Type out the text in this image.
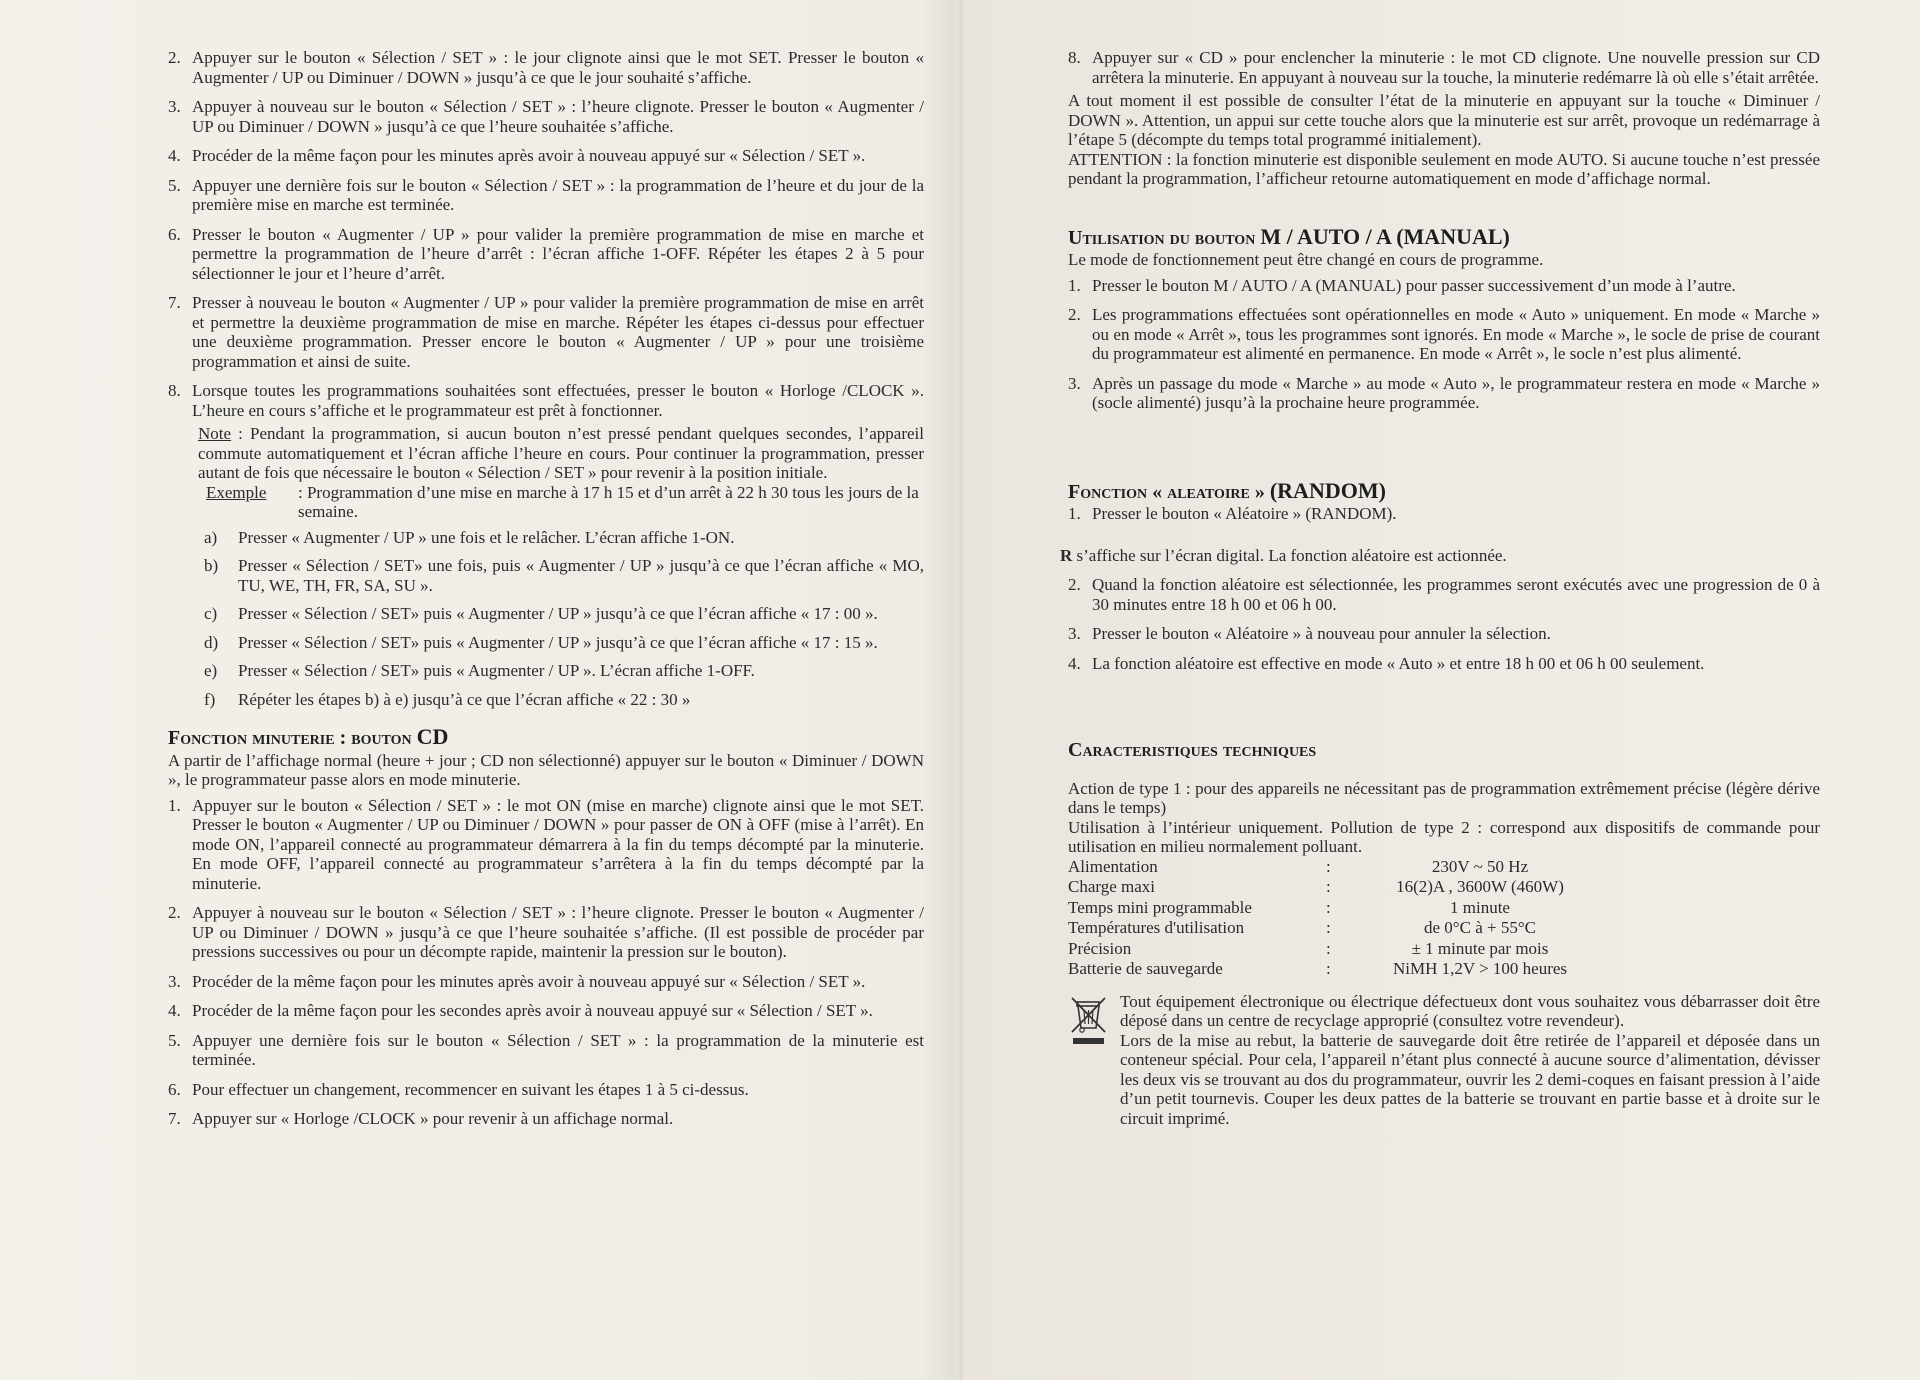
2. Appuyer sur le bouton « Sélection / SET » : le jour clignote ainsi que le mot SET. Presser le bouton « Augmenter / UP ou Diminuer / DOWN » jusqu’à ce que le jour souhaité s’affiche.
3. Appuyer à nouveau sur le bouton « Sélection / SET » : l’heure clignote. Presser le bouton « Augmenter / UP ou Diminuer / DOWN » jusqu’à ce que l’heure souhaitée s’affiche.
4. Procéder de la même façon pour les minutes après avoir à nouveau appuyé sur « Sélection / SET ».
5. Appuyer une dernière fois sur le bouton « Sélection / SET » : la programmation de l’heure et du jour de la première mise en marche est terminée.
6. Presser le bouton « Augmenter / UP » pour valider la première programmation de mise en marche et permettre la programmation de l’heure d’arrêt : l’écran affiche 1-OFF. Répéter les étapes 2 à 5 pour sélectionner le jour et l’heure d’arrêt.
7. Presser à nouveau le bouton « Augmenter / UP » pour valider la première programmation de mise en arrêt et permettre la deuxième programmation de mise en marche. Répéter les étapes ci-dessus pour effectuer une deuxième programmation. Presser encore le bouton « Augmenter / UP » pour une troisième programmation et ainsi de suite.
8. Lorsque toutes les programmations souhaitées sont effectuées, presser le bouton « Horloge /CLOCK ». L’heure en cours s’affiche et le programmateur est prêt à fonctionner.
Note : Pendant la programmation, si aucun bouton n’est pressé pendant quelques secondes, l’appareil commute automatiquement et l’écran affiche l’heure en cours. Pour continuer la programmation, presser autant de fois que nécessaire le bouton « Sélection / SET » pour revenir à la position initiale.
Exemple	: Programmation d’une mise en marche à 17 h 15 et d’un arrêt à 22 h 30 tous les jours de la semaine.
a)	Presser « Augmenter / UP » une fois et le relâcher. L’écran affiche 1-ON.
b)	Presser « Sélection / SET» une fois, puis « Augmenter / UP » jusqu’à ce que l’écran affiche « MO, TU, WE, TH, FR, SA, SU ».
c)	Presser « Sélection / SET» puis « Augmenter / UP » jusqu’à ce que l’écran affiche « 17 : 00 ».
d)	Presser « Sélection / SET» puis « Augmenter / UP » jusqu’à ce que l’écran affiche « 17 : 15 ».
e)	Presser « Sélection / SET» puis « Augmenter / UP ». L’écran affiche 1-OFF.
f)	Répéter les étapes b) à e) jusqu’à ce que l’écran affiche « 22 : 30 »
Fonction minuterie : bouton CD
A partir de l’affichage normal (heure + jour ; CD non sélectionné) appuyer sur le bouton « Diminuer / DOWN », le programmateur passe alors en mode minuterie.
1. Appuyer sur le bouton « Sélection / SET » : le mot ON (mise en marche) clignote ainsi que le mot SET. Presser le bouton « Augmenter / UP ou Diminuer / DOWN » pour passer de ON à OFF (mise à l’arrêt). En mode ON, l’appareil connecté au programmateur démarrera à la fin du temps décompté par la minuterie. En mode OFF, l’appareil connecté au programmateur s’arrêtera à la fin du temps décompté par la minuterie.
2. Appuyer à nouveau sur le bouton « Sélection / SET » : l’heure clignote. Presser le bouton « Augmenter / UP ou Diminuer / DOWN » jusqu’à ce que l’heure souhaitée s’affiche. (Il est possible de procéder par pressions successives ou pour un décompte rapide, maintenir la pression sur le bouton).
3. Procéder de la même façon pour les minutes après avoir à nouveau appuyé sur « Sélection / SET ».
4. Procéder de la même façon pour les secondes après avoir à nouveau appuyé sur « Sélection / SET ».
5. Appuyer une dernière fois sur le bouton « Sélection / SET » : la programmation de la minuterie est terminée.
6. Pour effectuer un changement, recommencer en suivant les étapes 1 à 5 ci-dessus.
7. Appuyer sur « Horloge /CLOCK » pour revenir à un affichage normal.
8. Appuyer sur « CD » pour enclencher la minuterie : le mot CD clignote. Une nouvelle pression sur CD arrêtera la minuterie. En appuyant à nouveau sur la touche, la minuterie redémarre là où elle s’était arrêtée.
A tout moment il est possible de consulter l’état de la minuterie en appuyant sur la touche « Diminuer / DOWN ». Attention, un appui sur cette touche alors que la minuterie est sur arrêt, provoque un redémarrage à l’étape 5 (décompte du temps total programmé initialement).
ATTENTION : la fonction minuterie est disponible seulement en mode AUTO. Si aucune touche n’est pressée pendant la programmation, l’afficheur retourne automatiquement en mode d’affichage normal.
Utilisation du bouton M / AUTO / A (MANUAL)
Le mode de fonctionnement peut être changé en cours de programme.
1. Presser le bouton M / AUTO / A (MANUAL) pour passer successivement d’un mode à l’autre.
2. Les programmations effectuées sont opérationnelles en mode « Auto » uniquement. En mode « Marche » ou en mode « Arrêt », tous les programmes sont ignorés. En mode « Marche », le socle de prise de courant du programmateur est alimenté en permanence. En mode « Arrêt », le socle n’est plus alimenté.
3. Après un passage du mode « Marche » au mode « Auto », le programmateur restera en mode « Marche » (socle alimenté) jusqu’à la prochaine heure programmée.
Fonction « aleatoire » (RANDOM)
1. Presser le bouton « Aléatoire » (RANDOM).
R s’affiche sur l’écran digital. La fonction aléatoire est actionnée.
2. Quand la fonction aléatoire est sélectionnée, les programmes seront exécutés avec une progression de 0 à 30 minutes entre 18 h 00 et 06 h 00.
3. Presser le bouton « Aléatoire » à nouveau pour annuler la sélection.
4. La fonction aléatoire est effective en mode « Auto » et entre 18 h 00 et 06 h 00 seulement.
Caracteristiques techniques
Action de type 1 : pour des appareils ne nécessitant pas de programmation extrêmement précise (légère dérive dans le temps)
Utilisation à l’intérieur uniquement. Pollution de type 2 : correspond aux dispositifs de commande pour utilisation en milieu normalement polluant.
Alimentation	:	230V ~ 50 Hz
Charge maxi	:	16(2)A , 3600W (460W)
Temps mini programmable	:	1 minute
Températures d'utilisation	:	de 0°C à + 55°C
Précision	:	± 1 minute par mois
Batterie de sauvegarde	:	NiMH 1,2V > 100 heures
Tout équipement électronique ou électrique défectueux dont vous souhaitez vous débarrasser doit être déposé dans un centre de recyclage approprié (consultez votre revendeur).
Lors de la mise au rebut, la batterie de sauvegarde doit être retirée de l’appareil et déposée dans un conteneur spécial. Pour cela, l’appareil n’étant plus connecté à aucune source d’alimentation, dévisser les deux vis se trouvant au dos du programmateur, ouvrir les 2 demi-coques en faisant pression à l’aide d’un petit tournevis. Couper les deux pattes de la batterie se trouvant en partie basse et à droite sur le circuit imprimé.
